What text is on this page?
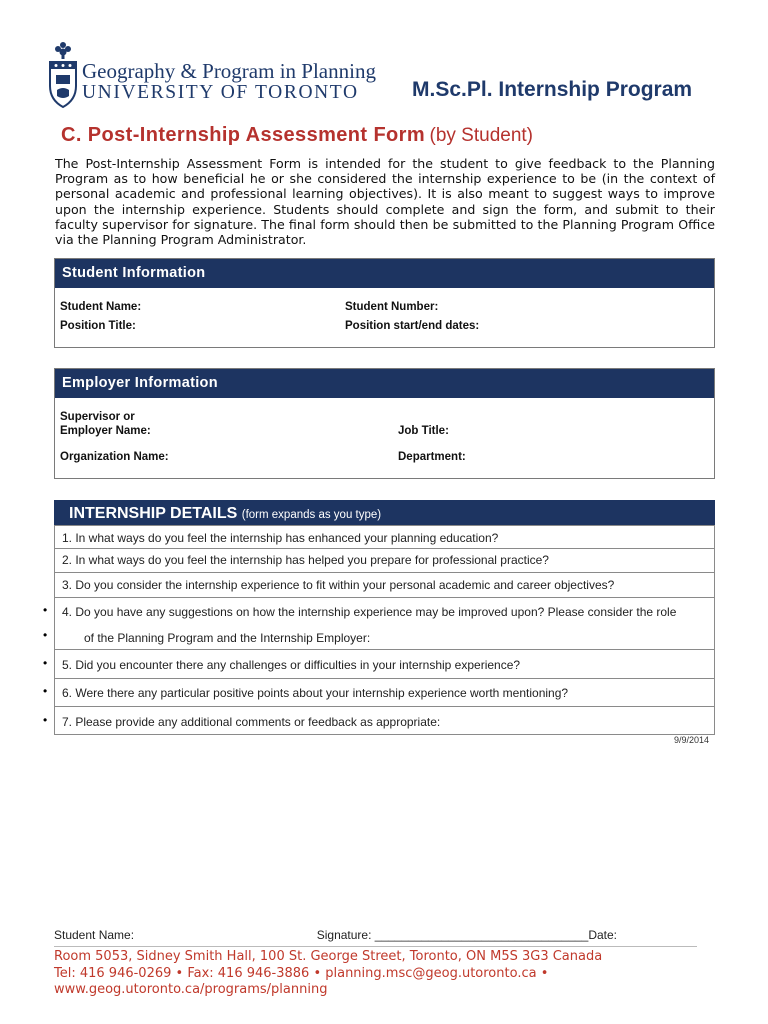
Geography & Program in Planning
UNIVERSITY OF TORONTO	M.Sc.Pl. Internship Program
C. Post-Internship Assessment Form (by Student)
The Post-Internship Assessment Form is intended for the student to give feedback to the Planning Program as to how beneficial he or she considered the internship experience to be (in the context of personal academic and professional learning objectives). It is also meant to suggest ways to improve upon the internship experience. Students should complete and sign the form, and submit to their faculty supervisor for signature. The final form should then be submitted to the Planning Program Office via the Planning Program Administrator.
Student Information
Student Name:	Student Number:
Position Title:	Position start/end dates:
Employer Information
Supervisor or
Employer Name:	Job Title:
Organization Name:	Department:
INTERNSHIP DETAILS (form expands as you type)
1. In what ways do you feel the internship has enhanced your planning education?
2. In what ways do you feel the internship has helped you prepare for professional practice?
3. Do you consider the internship experience to fit within your personal academic and career objectives?
• 4. Do you have any suggestions on how the internship experience may be improved upon? Please consider the role
•	of the Planning Program and the Internship Employer:
• 5. Did you encounter there any challenges or difficulties in your internship experience?
• 6. Were there any particular positive points about your internship experience worth mentioning?
• 7. Please provide any additional comments or feedback as appropriate:
9/9/2014
Student Name:	Signature: ________________________________Date:
Room 5053, Sidney Smith Hall, 100 St. George Street, Toronto, ON M5S 3G3 Canada
Tel: 416 946-0269 • Fax: 416 946-3886 • planning.msc@geog.utoronto.ca •
www.geog.utoronto.ca/programs/planning
